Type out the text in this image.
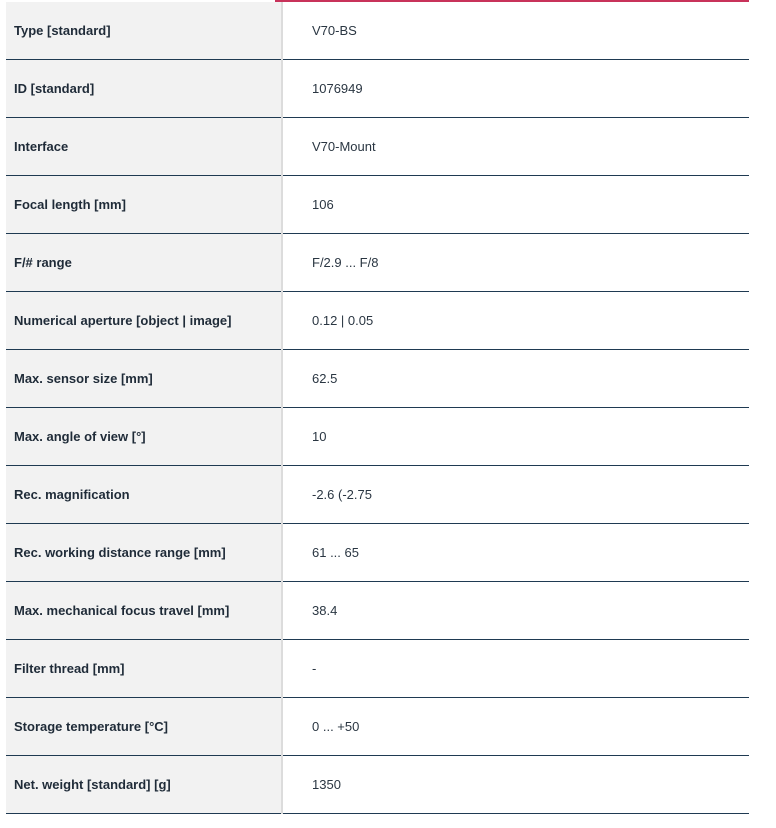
Type [standard]	V70-BS
ID [standard]	1076949
Interface	V70-Mount
Focal length [mm]	106
F/# range	F/2.9 ... F/8
Numerical aperture [object | image]	0.12 | 0.05
Max. sensor size [mm]	62.5
Max. angle of view [°]	10
Rec. magnification	-2.6 (-2.75
Rec. working distance range [mm]	61 ... 65
Max. mechanical focus travel [mm]	38.4
Filter thread [mm]	-
Storage temperature [°C]	0 ... +50
Net. weight [standard] [g]	1350
